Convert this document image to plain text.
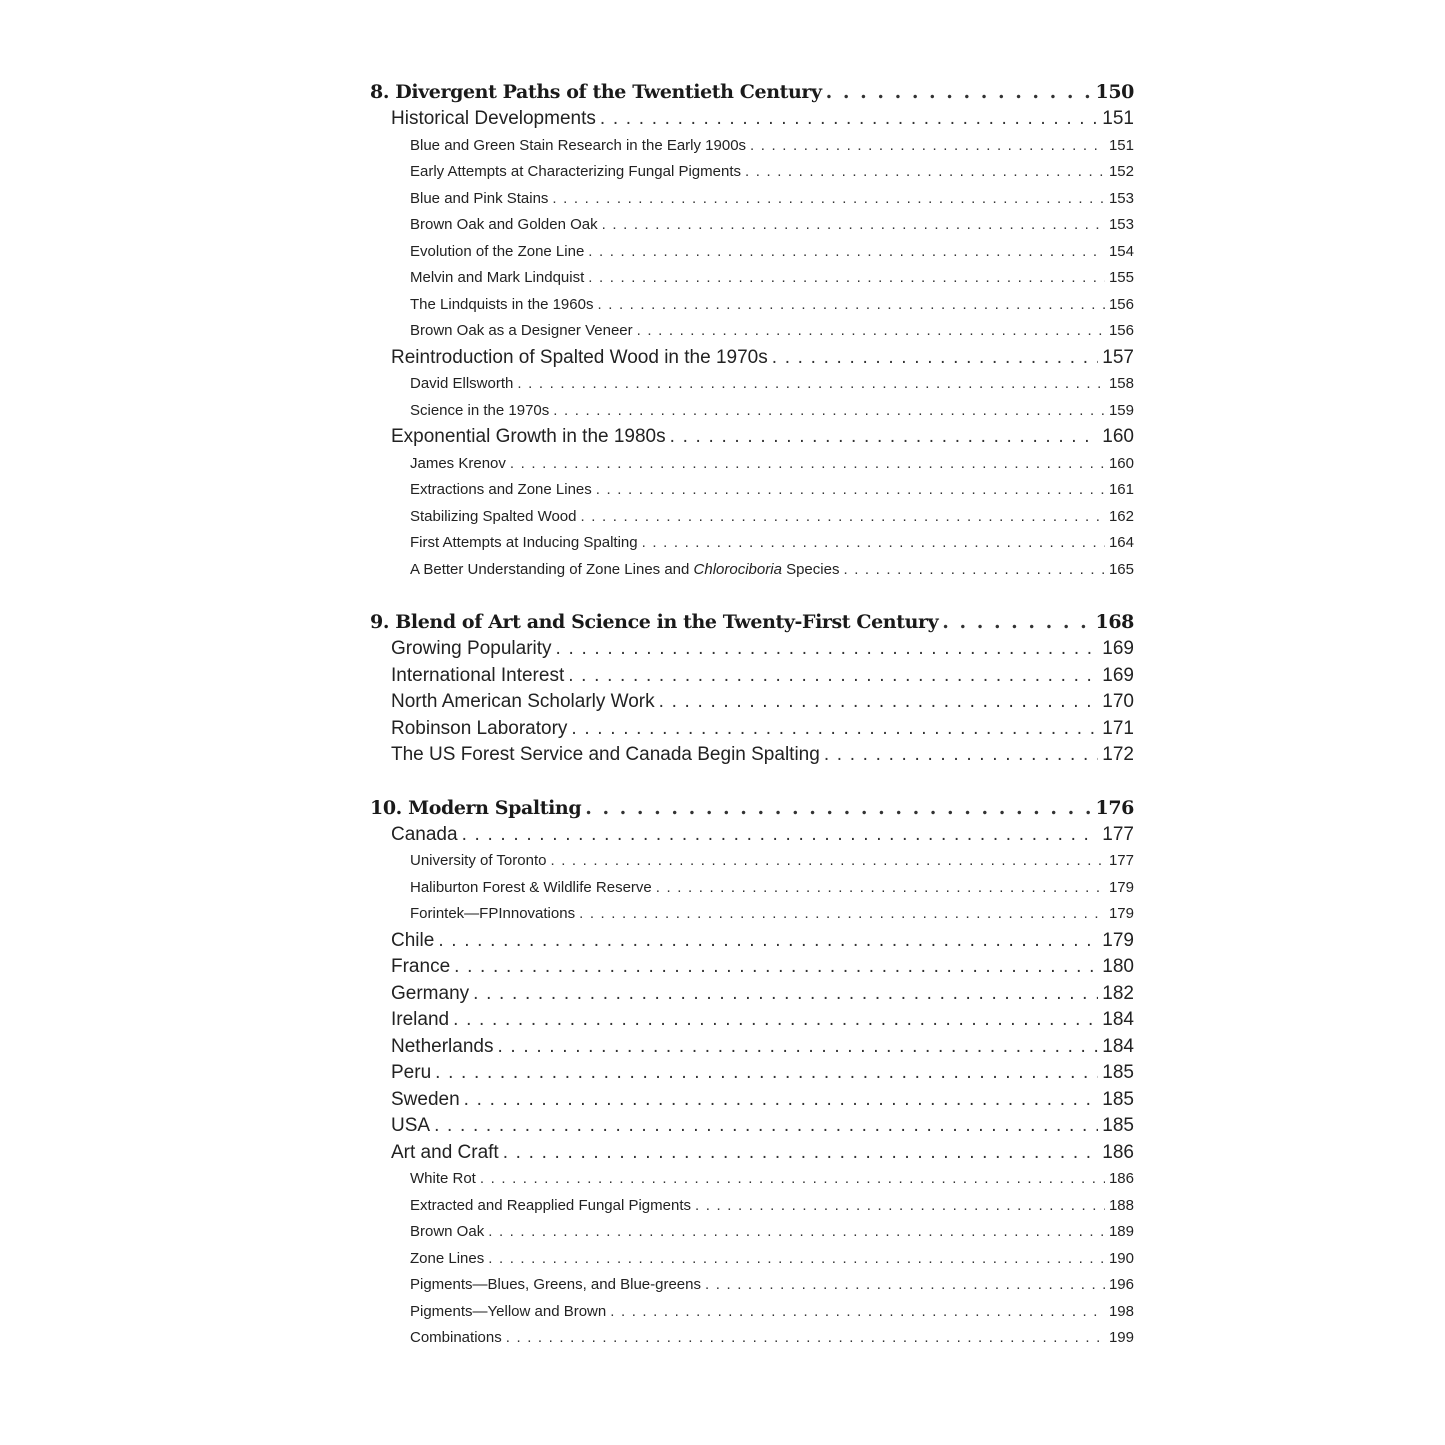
8. Divergent Paths of the Twentieth Century . . .	150
Historical Developments . . .	151
Blue and Green Stain Research in the Early 1900s . . .	151
Early Attempts at Characterizing Fungal Pigments . . .	152
Blue and Pink Stains . . .	153
Brown Oak and Golden Oak . . .	153
Evolution of the Zone Line . . .	154
Melvin and Mark Lindquist . . .	155
The Lindquists in the 1960s . . .	156
Brown Oak as a Designer Veneer . . .	156
Reintroduction of Spalted Wood in the 1970s . . .	157
David Ellsworth . . .	158
Science in the 1970s . . .	159
Exponential Growth in the 1980s . . .	160
James Krenov . . .	160
Extractions and Zone Lines . . .	161
Stabilizing Spalted Wood . . .	162
First Attempts at Inducing Spalting . . .	164
A Better Understanding of Zone Lines and Chlorociboria Species . . .	165
9. Blend of Art and Science in the Twenty-First Century . . .	168
Growing Popularity . . .	169
International Interest . . .	169
North American Scholarly Work . . .	170
Robinson Laboratory . . .	171
The US Forest Service and Canada Begin Spalting . . .	172
10. Modern Spalting . . .	176
Canada . . .	177
University of Toronto . . .	177
Haliburton Forest & Wildlife Reserve . . .	179
Forintek—FPInnovations . . .	179
Chile . . .	179
France . . .	180
Germany . . .	182
Ireland . . .	184
Netherlands . . .	184
Peru . . .	185
Sweden . . .	185
USA . . .	185
Art and Craft . . .	186
White Rot . . .	186
Extracted and Reapplied Fungal Pigments . . .	188
Brown Oak . . .	189
Zone Lines . . .	190
Pigments—Blues, Greens, and Blue-greens . . .	196
Pigments—Yellow and Brown . . .	198
Combinations . . .	199
